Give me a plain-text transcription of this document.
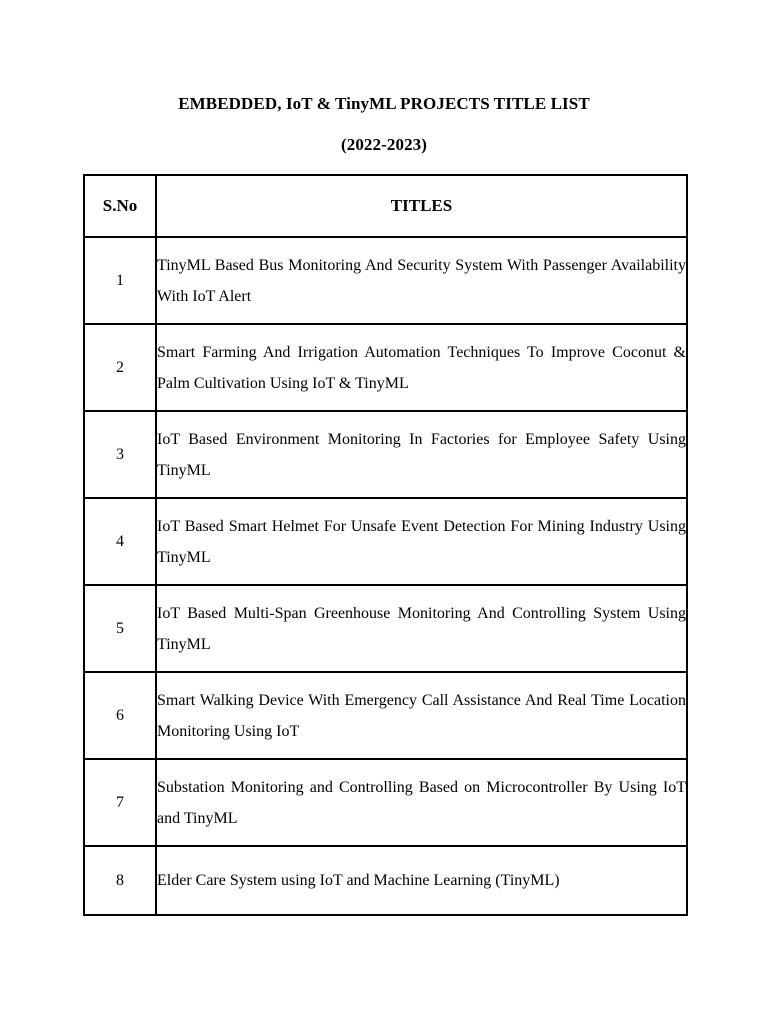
EMBEDDED, IoT & TinyML PROJECTS TITLE LIST
(2022-2023)
S.No	TITLES
1	TinyML Based Bus Monitoring And Security System With Passenger Availability With IoT Alert
2	Smart Farming And Irrigation Automation Techniques To Improve Coconut & Palm Cultivation Using IoT & TinyML
3	IoT Based Environment Monitoring In Factories for Employee Safety Using TinyML
4	IoT Based Smart Helmet For Unsafe Event Detection For Mining Industry Using TinyML
5	IoT Based Multi-Span Greenhouse Monitoring And Controlling System Using TinyML
6	Smart Walking Device With Emergency Call Assistance And Real Time Location Monitoring Using IoT
7	Substation Monitoring and Controlling Based on Microcontroller By Using IoT and TinyML
8	Elder Care System using IoT and Machine Learning (TinyML)
